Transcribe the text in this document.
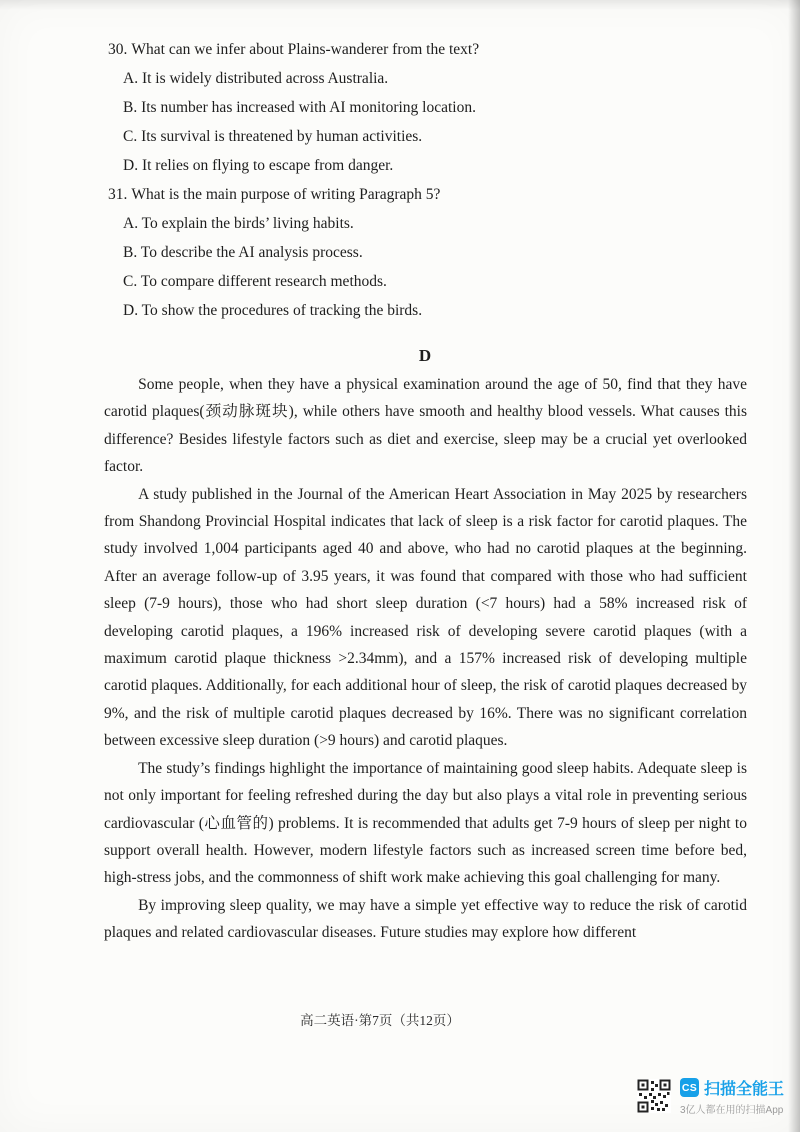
30. What can we infer about Plains-wanderer from the text?
A. It is widely distributed across Australia.
B. Its number has increased with AI monitoring location.
C. Its survival is threatened by human activities.
D. It relies on flying to escape from danger.
31. What is the main purpose of writing Paragraph 5?
A. To explain the birds’ living habits.
B. To describe the AI analysis process.
C. To compare different research methods.
D. To show the procedures of tracking the birds.
D

Some people, when they have a physical examination around the age of 50, find that they have carotid plaques(颈动脉斑块), while others have smooth and healthy blood vessels. What causes this difference? Besides lifestyle factors such as diet and exercise, sleep may be a crucial yet overlooked factor.

A study published in the Journal of the American Heart Association in May 2025 by researchers from Shandong Provincial Hospital indicates that lack of sleep is a risk factor for carotid plaques. The study involved 1,004 participants aged 40 and above, who had no carotid plaques at the beginning. After an average follow-up of 3.95 years, it was found that compared with those who had sufficient sleep (7-9 hours), those who had short sleep duration (<7 hours) had a 58% increased risk of developing carotid plaques, a 196% increased risk of developing severe carotid plaques (with a maximum carotid plaque thickness >2.34mm), and a 157% increased risk of developing multiple carotid plaques. Additionally, for each additional hour of sleep, the risk of carotid plaques decreased by 9%, and the risk of multiple carotid plaques decreased by 16%. There was no significant correlation between excessive sleep duration (>9 hours) and carotid plaques.

The study’s findings highlight the importance of maintaining good sleep habits. Adequate sleep is not only important for feeling refreshed during the day but also plays a vital role in preventing serious cardiovascular (心血管的) problems. It is recommended that adults get 7-9 hours of sleep per night to support overall health. However, modern lifestyle factors such as increased screen time before bed, high-stress jobs, and the commonness of shift work make achieving this goal challenging for many.

By improving sleep quality, we may have a simple yet effective way to reduce the risk of carotid plaques and related cardiovascular diseases. Future studies may explore how different

高二英语·第7页（共12页）
CS 扫描全能王
3亿人都在用的扫描App
